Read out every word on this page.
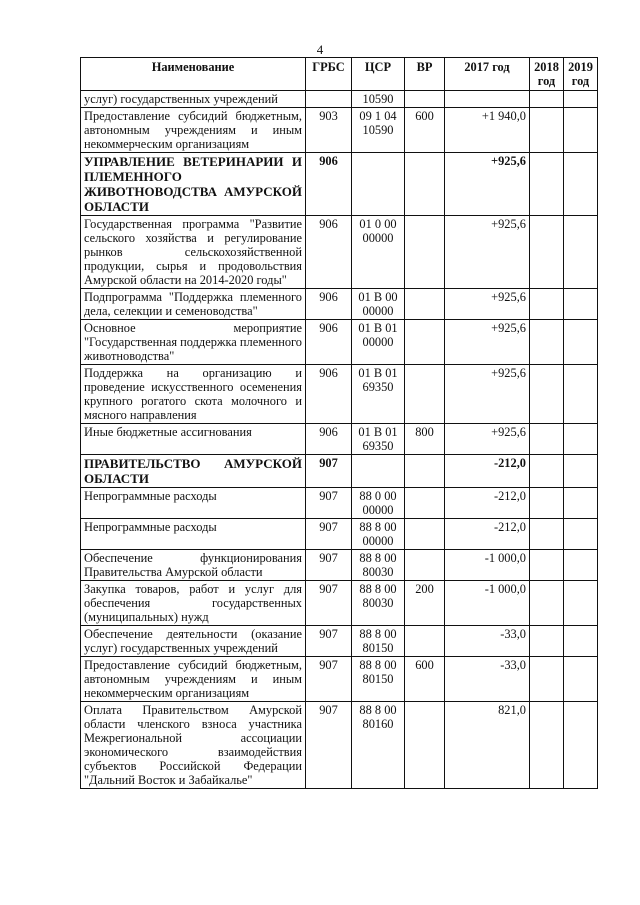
4
Наименование	ГРБС	ЦСР	ВР	2017 год	2018 год	2019 год
услуг) государственных учреждений		10590				
Предоставление субсидий бюджетным, автономным учреждениям и иным некоммерческим организациям	903	09 1 04 10590	600	+1 940,0		
УПРАВЛЕНИЕ ВЕТЕРИНАРИИ И ПЛЕМЕННОГО ЖИВОТНОВОДСТВА АМУРСКОЙ ОБЛАСТИ	906			+925,6		
Государственная программа "Развитие сельского хозяйства и регулирование рынков сельскохозяйственной продукции, сырья и продовольствия Амурской области на 2014-2020 годы"	906	01 0 00 00000		+925,6		
Подпрограмма "Поддержка племенного дела, селекции и семеноводства"	906	01 В 00 00000		+925,6		
Основное мероприятие "Государственная поддержка племенного животноводства"	906	01 В 01 00000		+925,6		
Поддержка на организацию и проведение искусственного осеменения крупного рогатого скота молочного и мясного направления	906	01 В 01 69350		+925,6		
Иные бюджетные ассигнования	906	01 В 01 69350	800	+925,6		
ПРАВИТЕЛЬСТВО АМУРСКОЙ ОБЛАСТИ	907			-212,0		
Непрограммные расходы	907	88 0 00 00000		-212,0		
Непрограммные расходы	907	88 8 00 00000		-212,0		
Обеспечение функционирования Правительства Амурской области	907	88 8 00 80030		-1 000,0		
Закупка товаров, работ и услуг для обеспечения государственных (муниципальных) нужд	907	88 8 00 80030	200	-1 000,0		
Обеспечение деятельности (оказание услуг) государственных учреждений	907	88 8 00 80150		-33,0		
Предоставление субсидий бюджетным, автономным учреждениям и иным некоммерческим организациям	907	88 8 00 80150	600	-33,0		
Оплата Правительством Амурской области членского взноса участника Межрегиональной ассоциации экономического взаимодействия субъектов Российской Федерации "Дальний Восток и Забайкалье"	907	88 8 00 80160		821,0		
